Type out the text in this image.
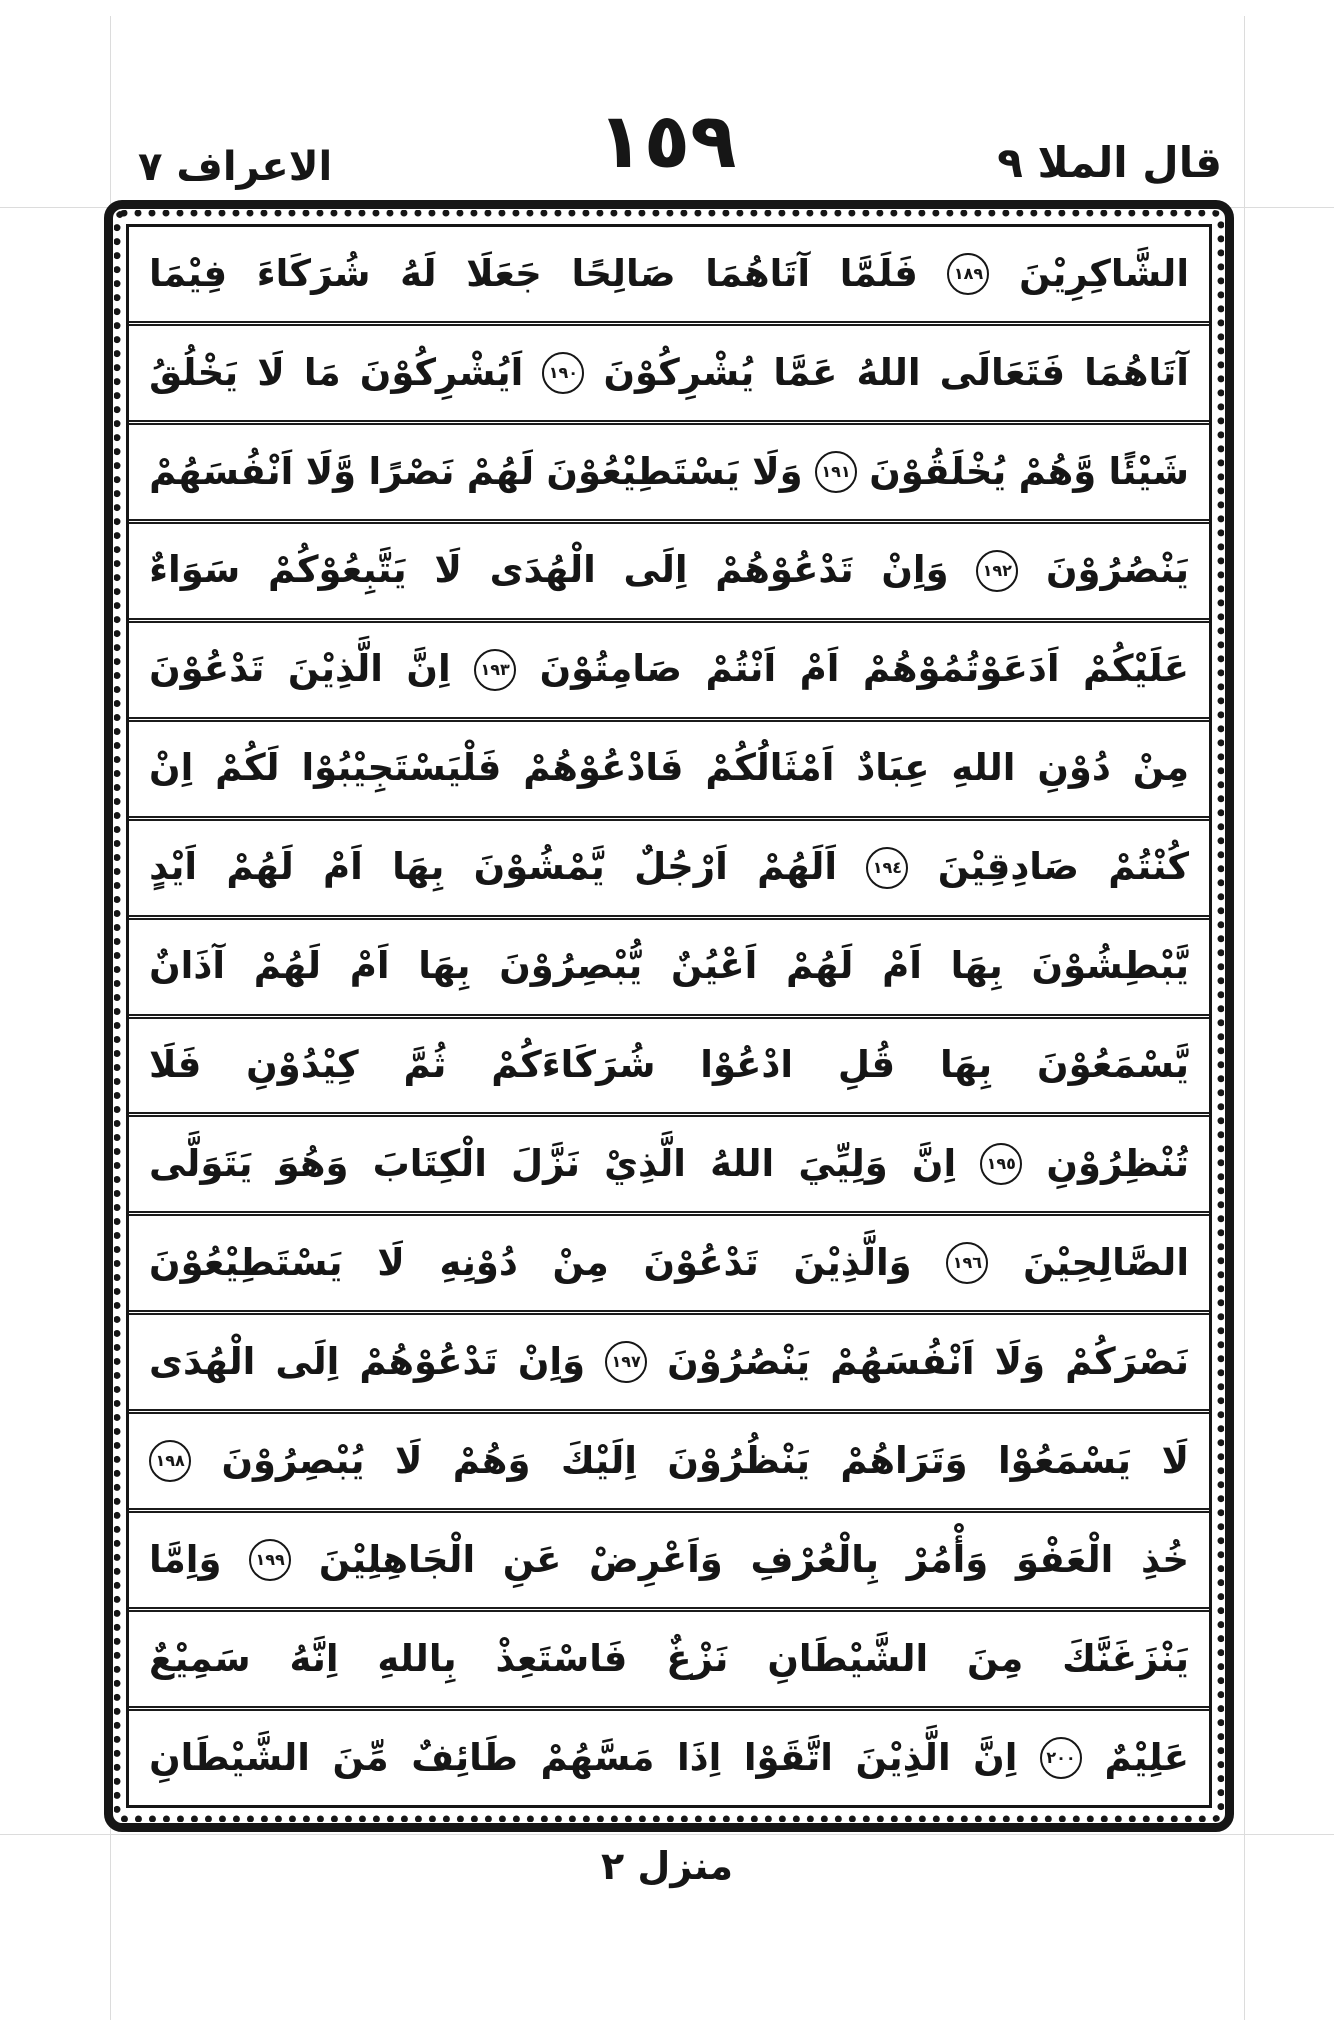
قال الملا ٩
١٥٩
الاعراف ٧
الشَّاكِرِيْنَ
١٨٩
فَلَمَّا
آتَاهُمَا
صَالِحًا
جَعَلَا
لَهُ
شُرَكَاءَ
فِيْمَا
آتَاهُمَا
فَتَعَالَى
اللهُ
عَمَّا
يُشْرِكُوْنَ
١٩٠
اَيُشْرِكُوْنَ
مَا
لَا
يَخْلُقُ
شَيْئًا
وَّهُمْ
يُخْلَقُوْنَ
١٩١
وَلَا
يَسْتَطِيْعُوْنَ
لَهُمْ
نَصْرًا
وَّلَا
اَنْفُسَهُمْ
يَنْصُرُوْنَ
١٩٢
وَاِنْ
تَدْعُوْهُمْ
اِلَى
الْهُدَى
لَا
يَتَّبِعُوْكُمْ
سَوَاءٌ
عَلَيْكُمْ
اَدَعَوْتُمُوْهُمْ
اَمْ
اَنْتُمْ
صَامِتُوْنَ
١٩٣
اِنَّ
الَّذِيْنَ
تَدْعُوْنَ
مِنْ
دُوْنِ
اللهِ
عِبَادٌ
اَمْثَالُكُمْ
فَادْعُوْهُمْ
فَلْيَسْتَجِيْبُوْا
لَكُمْ
اِنْ
كُنْتُمْ
صَادِقِيْنَ
١٩٤
اَلَهُمْ
اَرْجُلٌ
يَّمْشُوْنَ
بِهَا
اَمْ
لَهُمْ
اَيْدٍ
يَّبْطِشُوْنَ
بِهَا
اَمْ
لَهُمْ
اَعْيُنٌ
يُّبْصِرُوْنَ
بِهَا
اَمْ
لَهُمْ
آذَانٌ
يَّسْمَعُوْنَ
بِهَا
قُلِ
ادْعُوْا
شُرَكَاءَكُمْ
ثُمَّ
كِيْدُوْنِ
فَلَا
تُنْظِرُوْنِ
١٩٥
اِنَّ
وَلِيِّيَ
اللهُ
الَّذِيْ
نَزَّلَ
الْكِتَابَ
وَهُوَ
يَتَوَلَّى
الصَّالِحِيْنَ
١٩٦
وَالَّذِيْنَ
تَدْعُوْنَ
مِنْ
دُوْنِهِ
لَا
يَسْتَطِيْعُوْنَ
نَصْرَكُمْ
وَلَا
اَنْفُسَهُمْ
يَنْصُرُوْنَ
١٩٧
وَاِنْ
تَدْعُوْهُمْ
اِلَى
الْهُدَى
لَا
يَسْمَعُوْا
وَتَرَاهُمْ
يَنْظُرُوْنَ
اِلَيْكَ
وَهُمْ
لَا
يُبْصِرُوْنَ
١٩٨
خُذِ
الْعَفْوَ
وَأْمُرْ
بِالْعُرْفِ
وَاَعْرِضْ
عَنِ
الْجَاهِلِيْنَ
١٩٩
وَاِمَّا
يَنْزَغَنَّكَ
مِنَ
الشَّيْطَانِ
نَزْغٌ
فَاسْتَعِذْ
بِاللهِ
اِنَّهُ
سَمِيْعٌ
عَلِيْمٌ
٢٠٠
اِنَّ
الَّذِيْنَ
اتَّقَوْا
اِذَا
مَسَّهُمْ
طَائِفٌ
مِّنَ
الشَّيْطَانِ
منزل ٢
